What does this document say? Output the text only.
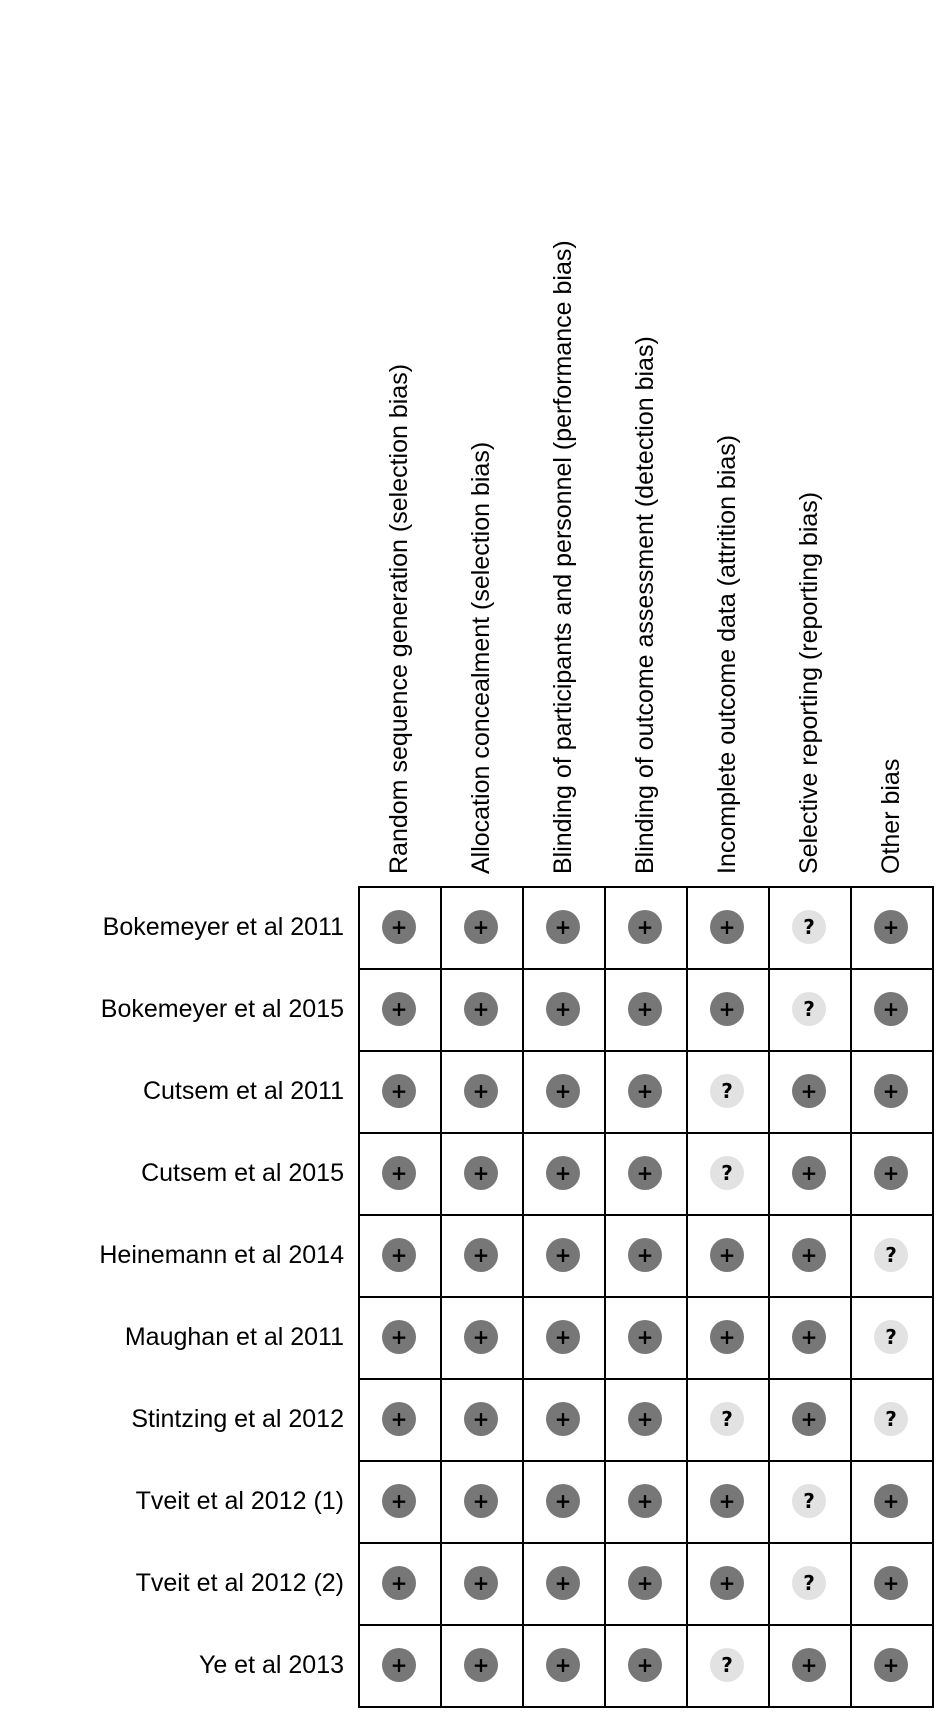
Random sequence generation (selection bias) Allocation concealment (selection bias) Blinding of participants and personnel (performance bias) Blinding of outcome assessment (detection bias) Incomplete outcome data (attrition bias) Selective reporting (reporting bias) Other bias
Bokemeyer et al 2011
Bokemeyer et al 2015
Cutsem et al 2011
Cutsem et al 2015
Heinemann et al 2014
Maughan et al 2011
Stintzing et al 2012
Tveit et al 2012 (1)
Tveit et al 2012 (2)
Ye et al 2013
+
+
+
+
+
?
+
+
+
+
+
+
?
+
+
+
+
+
?
+
+
+
+
+
+
?
+
+
+
+
+
+
+
+
?
+
+
+
+
+
+
?
+
+
+
+
?
+
?
+
+
+
+
+
?
+
+
+
+
+
+
?
+
+
+
+
+
?
+
+
